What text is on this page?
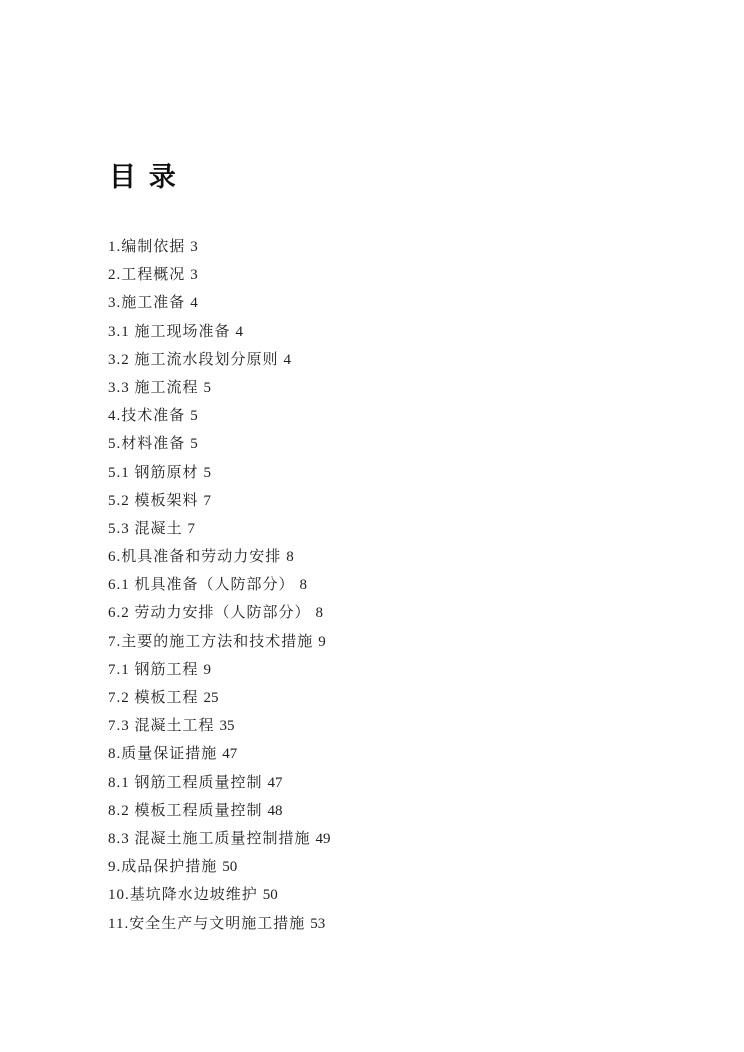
目 录
1.编制依据 3
2.工程概况 3
3.施工准备 4
3.1 施工现场准备 4
3.2 施工流水段划分原则 4
3.3 施工流程 5
4.技术准备 5
5.材料准备 5
5.1 钢筋原材 5
5.2 模板架料 7
5.3 混凝土 7
6.机具准备和劳动力安排 8
6.1 机具准备（人防部分） 8
6.2 劳动力安排（人防部分） 8
7.主要的施工方法和技术措施 9
7.1 钢筋工程 9
7.2 模板工程 25
7.3 混凝土工程 35
8.质量保证措施 47
8.1 钢筋工程质量控制 47
8.2 模板工程质量控制 48
8.3 混凝土施工质量控制措施 49
9.成品保护措施 50
10.基坑降水边坡维护 50
11.安全生产与文明施工措施 53
